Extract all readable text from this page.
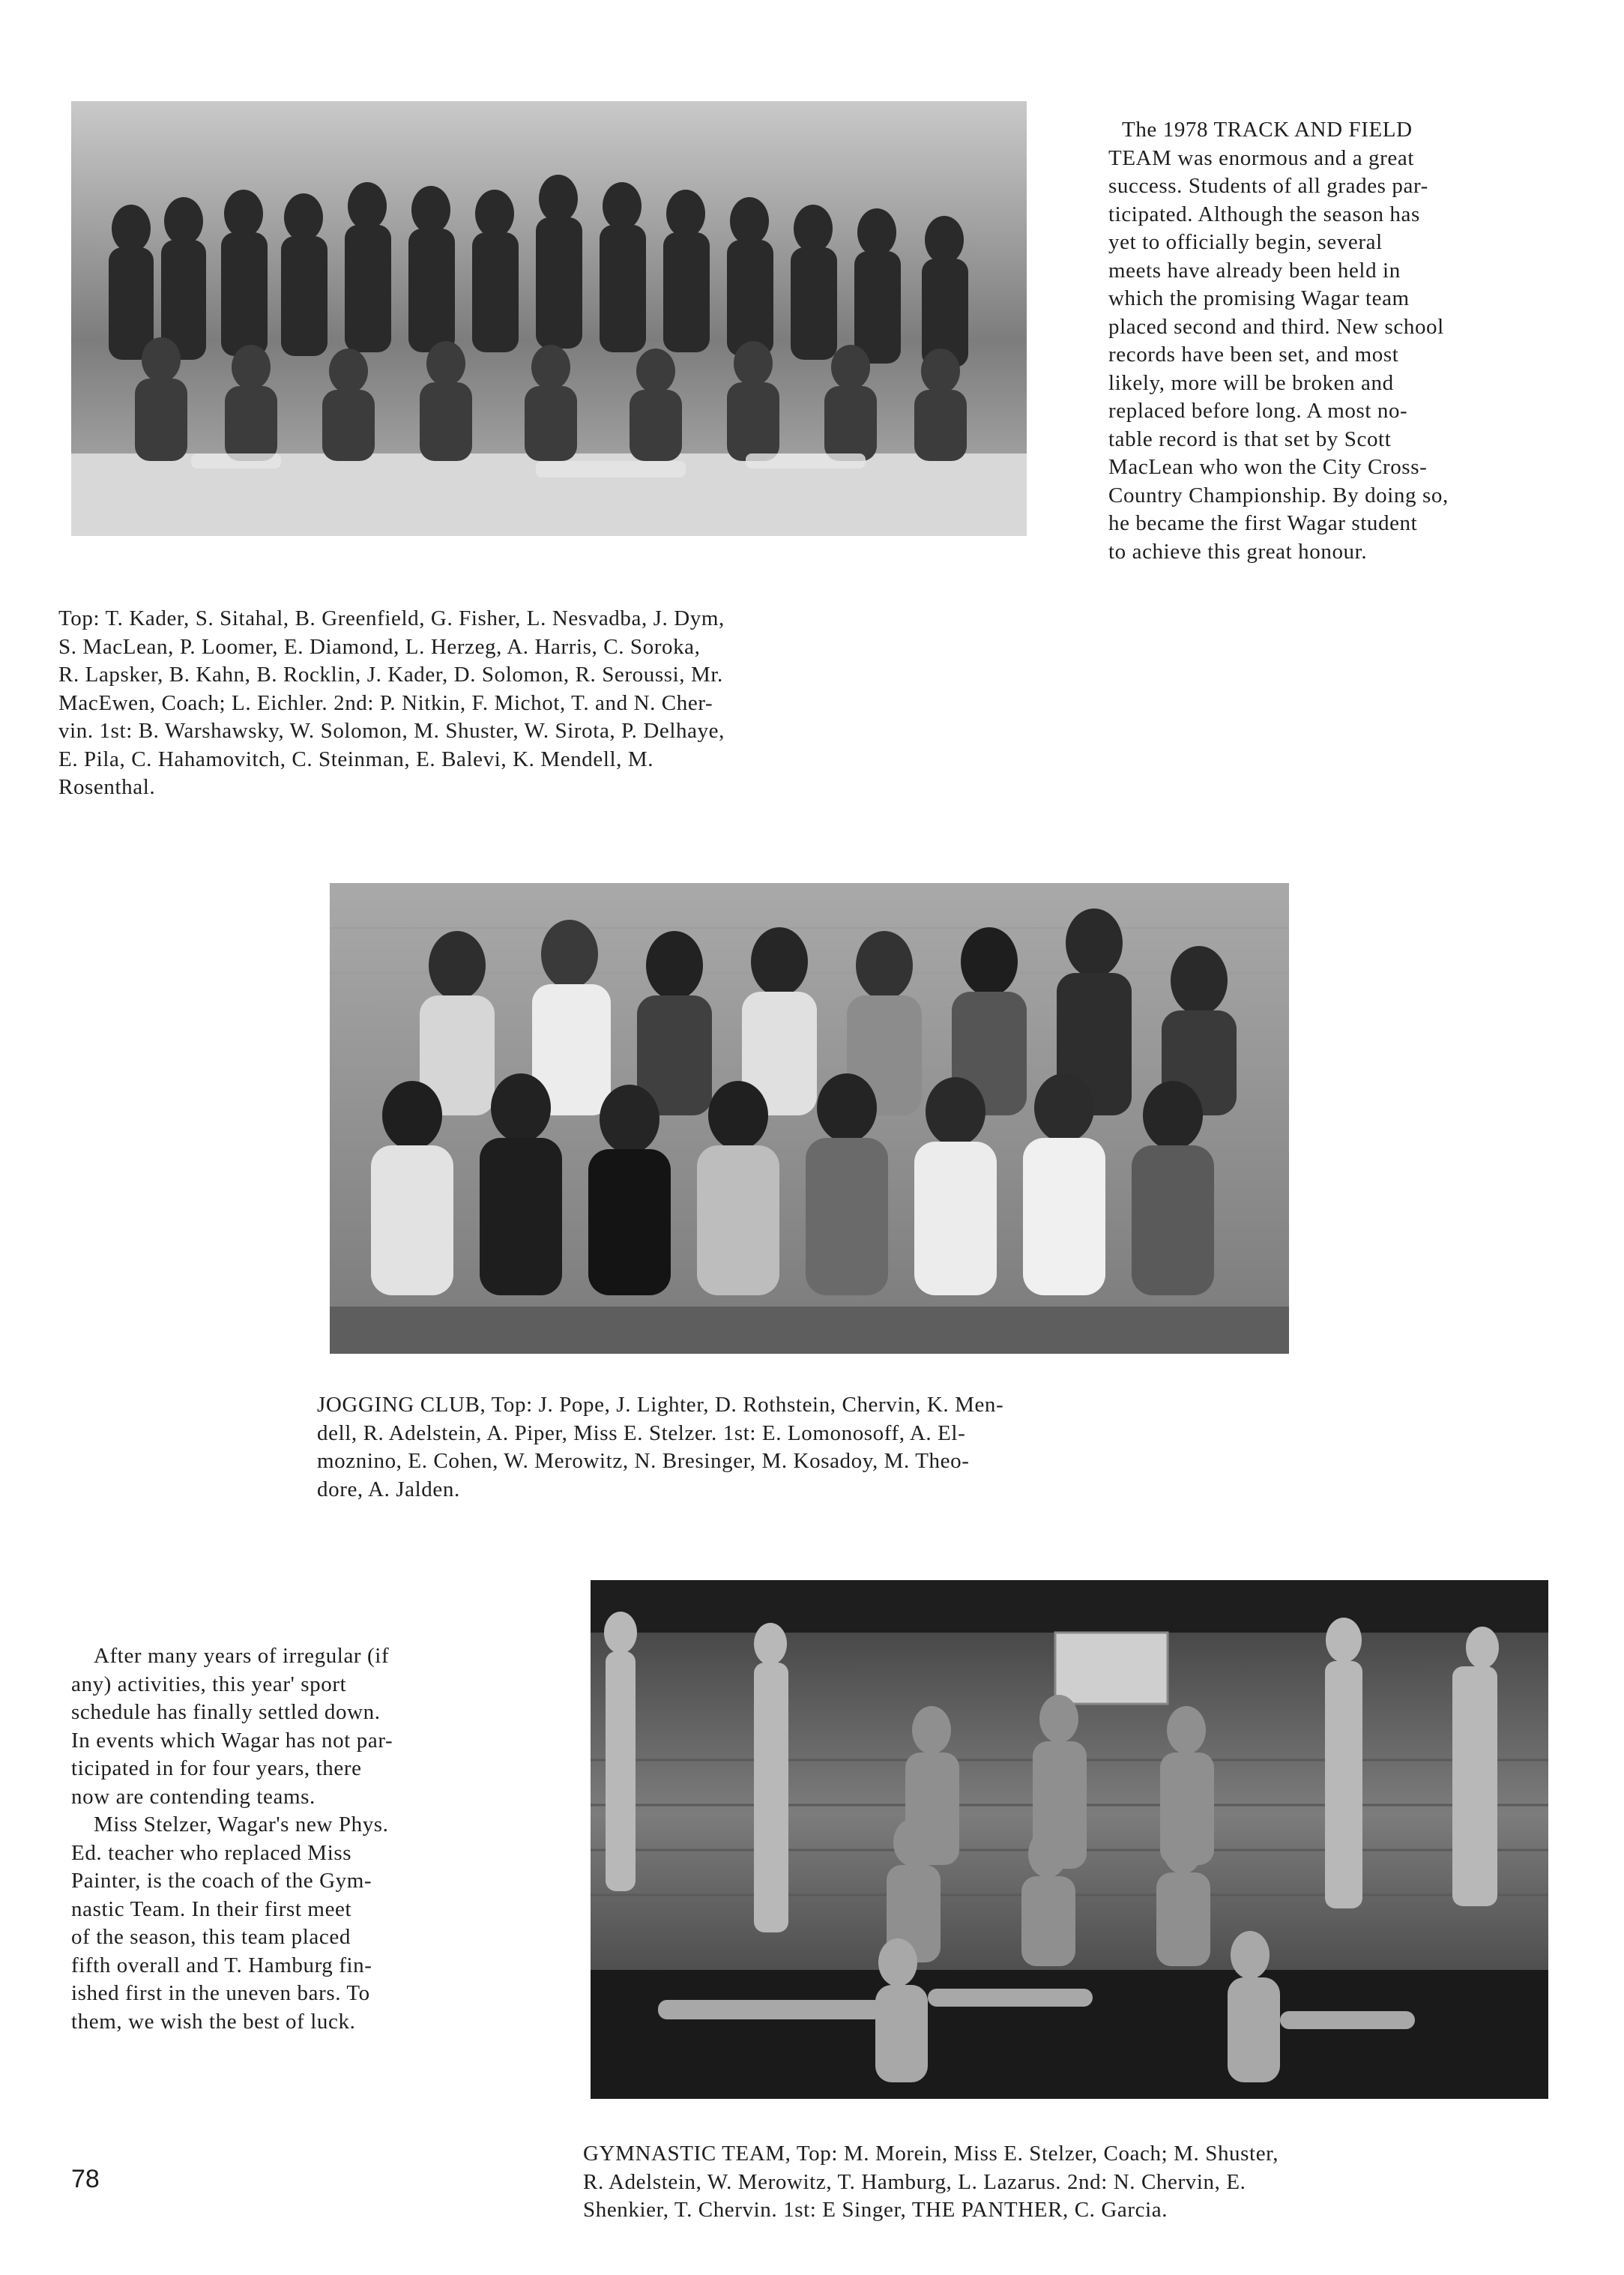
The 1978 TRACK AND FIELD
TEAM was enormous and a great
success. Students of all grades par-
ticipated. Although the season has
yet to officially begin, several
meets have already been held in
which the promising Wagar team
placed second and third. New school
records have been set, and most
likely, more will be broken and
replaced before long. A most no-
table record is that set by Scott
MacLean who won the City Cross-
Country Championship. By doing so,
he became the first Wagar student
to achieve this great honour.
Top: T. Kader, S. Sitahal, B. Greenfield, G. Fisher, L. Nesvadba, J. Dym,
S. MacLean, P. Loomer, E. Diamond, L. Herzeg, A. Harris, C. Soroka,
R. Lapsker, B. Kahn, B. Rocklin, J. Kader, D. Solomon, R. Seroussi, Mr.
MacEwen, Coach; L. Eichler. 2nd: P. Nitkin, F. Michot, T. and N. Cher-
vin. 1st: B. Warshawsky, W. Solomon, M. Shuster, W. Sirota, P. Delhaye,
E. Pila, C. Hahamovitch, C. Steinman, E. Balevi, K. Mendell, M.
Rosenthal.
JOGGING CLUB, Top: J. Pope, J. Lighter, D. Rothstein, Chervin, K. Men-
dell, R. Adelstein, A. Piper, Miss E. Stelzer. 1st: E. Lomonosoff, A. El-
moznino, E. Cohen, W. Merowitz, N. Bresinger, M. Kosadoy, M. Theo-
dore, A. Jalden.
After many years of irregular (if
any) activities, this year' sport
schedule has finally settled down.
In events which Wagar has not par-
ticipated in for four years, there
now are contending teams.
Miss Stelzer, Wagar's new Phys.
Ed. teacher who replaced Miss
Painter, is the coach of the Gym-
nastic Team. In their first meet
of the season, this team placed
fifth overall and T. Hamburg fin-
ished first in the uneven bars. To
them, we wish the best of luck.
GYMNASTIC TEAM, Top: M. Morein, Miss E. Stelzer, Coach; M. Shuster,
R. Adelstein, W. Merowitz, T. Hamburg, L. Lazarus. 2nd: N. Chervin, E.
Shenkier, T. Chervin. 1st: E Singer, THE PANTHER, C. Garcia.
78
